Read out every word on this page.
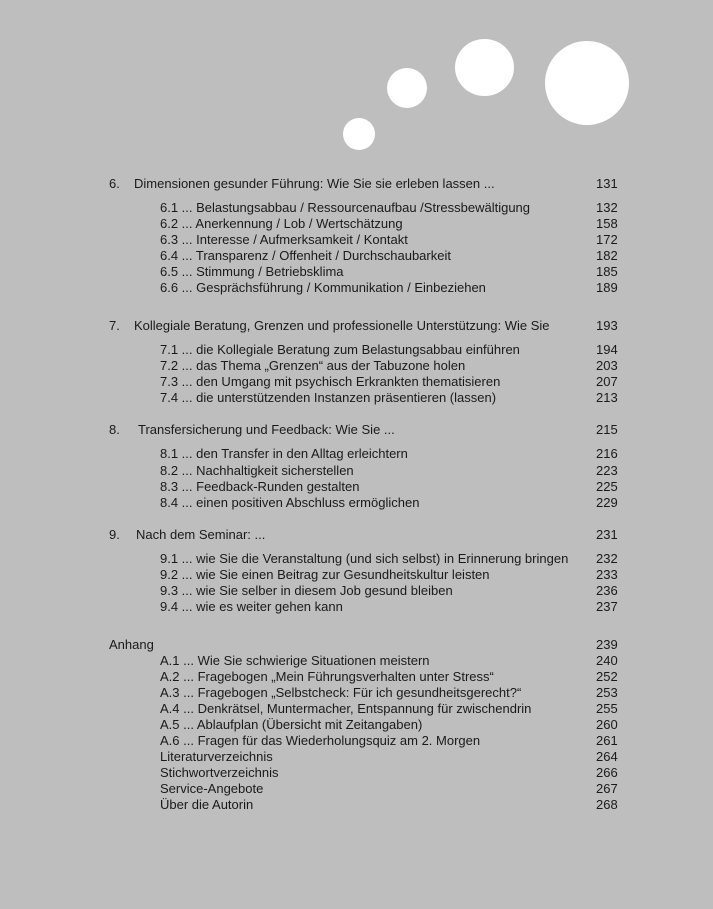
6. Dimensionen gesunder Führung: Wie Sie sie erleben lassen ...	131
6.1 ... Belastungsabbau / Ressourcenaufbau /Stressbewältigung	132
6.2 ... Anerkennung / Lob / Wertschätzung	158
6.3 ... Interesse / Aufmerksamkeit / Kontakt	172
6.4 ... Transparenz / Offenheit / Durchschaubarkeit	182
6.5 ... Stimmung / Betriebsklima	185
6.6 ... Gesprächsführung / Kommunikation / Einbeziehen	189
7. Kollegiale Beratung, Grenzen und professionelle Unterstützung: Wie Sie	193
7.1 ... die Kollegiale Beratung zum Belastungsabbau einführen	194
7.2 ... das Thema „Grenzen“ aus der Tabuzone holen	203
7.3 ... den Umgang mit psychisch Erkrankten thematisieren	207
7.4 ... die unterstützenden Instanzen präsentieren (lassen)	213
8. Transfersicherung und Feedback: Wie Sie ...	215
8.1 ... den Transfer in den Alltag erleichtern	216
8.2 ... Nachhaltigkeit sicherstellen	223
8.3 ... Feedback-Runden gestalten	225
8.4 ... einen positiven Abschluss ermöglichen	229
9. Nach dem Seminar: ...	231
9.1 ... wie Sie die Veranstaltung (und sich selbst) in Erinnerung bringen 232
9.2 ... wie Sie einen Beitrag zur Gesundheitskultur leisten	233
9.3 ... wie Sie selber in diesem Job gesund bleiben	236
9.4 ... wie es weiter gehen kann	237
Anhang	239
A.1 ... Wie Sie schwierige Situationen meistern	240
A.2 ... Fragebogen „Mein Führungsverhalten unter Stress“	252
A.3 ... Fragebogen „Selbstcheck: Für ich gesundheitsgerecht?“	253
A.4 ... Denkrätsel, Muntermacher, Entspannung für zwischendrin	255
A.5 ... Ablaufplan (Übersicht mit Zeitangaben)	260
A.6 ... Fragen für das Wiederholungsquiz am 2. Morgen	261
Literaturverzeichnis	264
Stichwortverzeichnis	266
Service-Angebote	267
Über die Autorin	268
